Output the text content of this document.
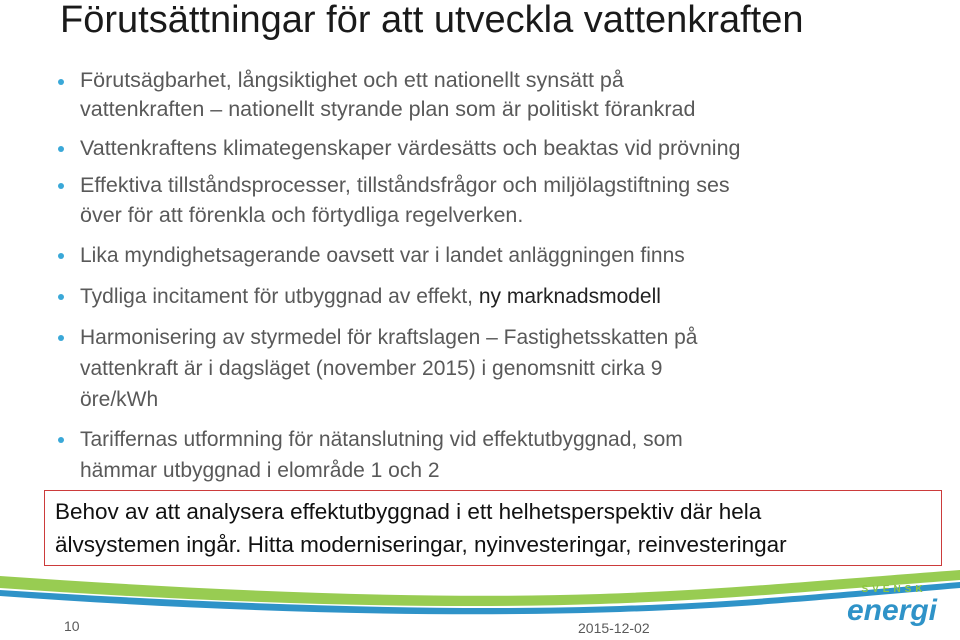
Förutsättningar för att utveckla vattenkraften
Förutsägbarhet, långsiktighet och ett nationellt synsätt på
vattenkraften – nationellt styrande plan som är politiskt förankrad
Vattenkraftens klimategenskaper värdesätts och beaktas vid prövning
Effektiva tillståndsprocesser, tillståndsfrågor och miljölagstiftning ses
över för att förenkla och förtydliga regelverken.
Lika myndighetsagerande oavsett var i landet anläggningen finns
Tydliga incitament för utbyggnad av effekt, ny marknadsmodell
Harmonisering av styrmedel för kraftslagen – Fastighetsskatten på
vattenkraft är i dagsläget (november 2015) i genomsnitt cirka 9
öre/kWh
Tariffernas utformning för nätanslutning vid effektutbyggnad, som
hämmar utbyggnad i elområde 1 och 2
Behov av att analysera effektutbyggnad i ett helhetsperspektiv där hela
älvsystemen ingår. Hitta moderniseringar, nyinvesteringar, reinvesteringar
SVENSK
energi
10	2015-12-02
